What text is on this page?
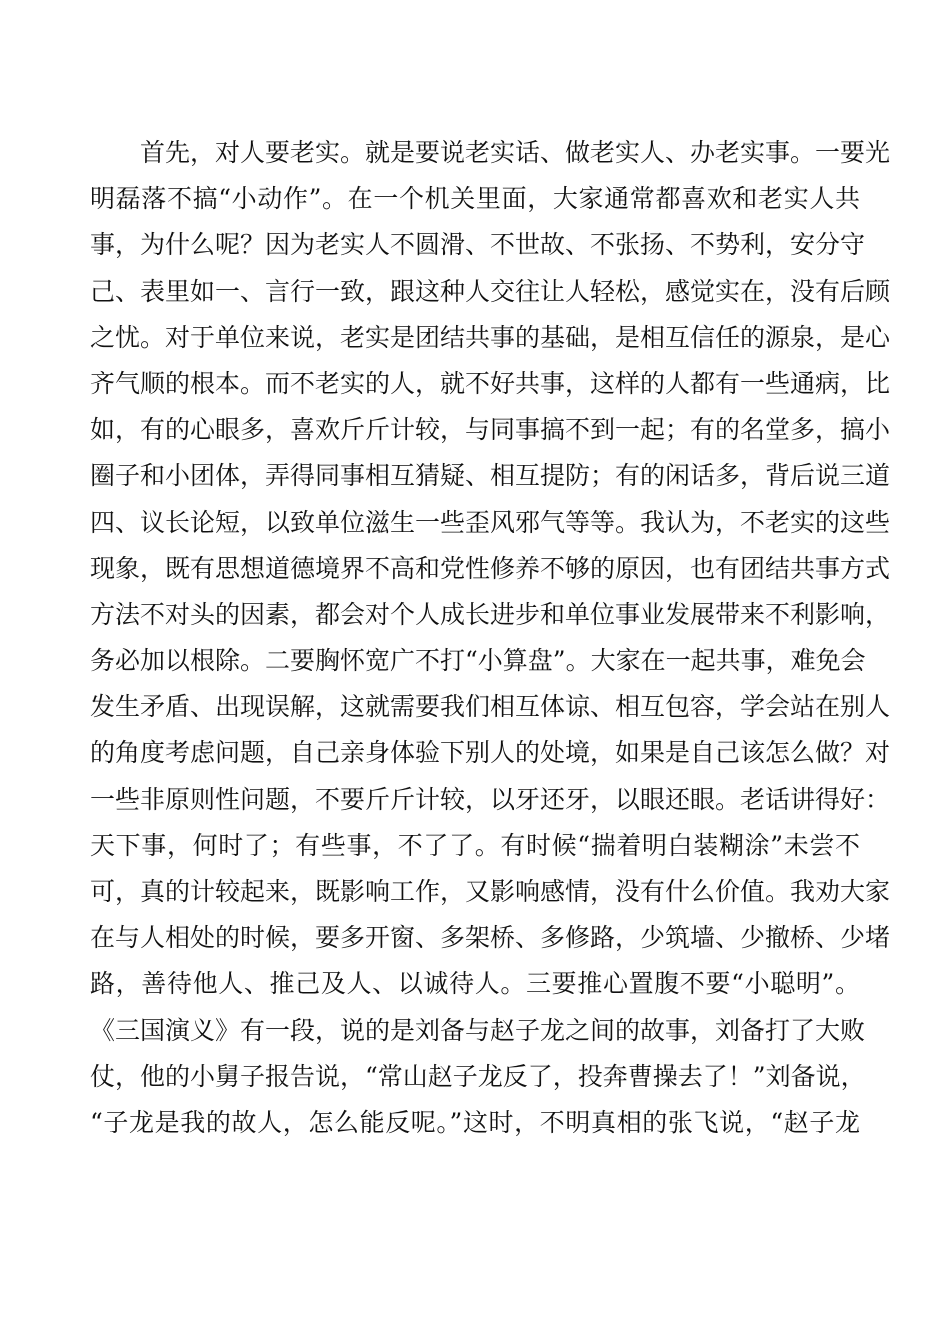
首先，对人要老实。就是要说老实话、做老实人、办老实事。一要光
明磊落不搞“小动作”。在一个机关里面，大家通常都喜欢和老实人共
事，为什么呢？因为老实人不圆滑、不世故、不张扬、不势利，安分守
己、表里如一、言行一致，跟这种人交往让人轻松，感觉实在，没有后顾
之忧。对于单位来说，老实是团结共事的基础，是相互信任的源泉，是心
齐气顺的根本。而不老实的人，就不好共事，这样的人都有一些通病，比
如，有的心眼多，喜欢斤斤计较，与同事搞不到一起；有的名堂多，搞小
圈子和小团体，弄得同事相互猜疑、相互提防；有的闲话多，背后说三道
四、议长论短，以致单位滋生一些歪风邪气等等。我认为，不老实的这些
现象，既有思想道德境界不高和党性修养不够的原因，也有团结共事方式
方法不对头的因素，都会对个人成长进步和单位事业发展带来不利影响，
务必加以根除。二要胸怀宽广不打“小算盘”。大家在一起共事，难免会
发生矛盾、出现误解，这就需要我们相互体谅、相互包容，学会站在别人
的角度考虑问题，自己亲身体验下别人的处境，如果是自己该怎么做？对
一些非原则性问题，不要斤斤计较，以牙还牙，以眼还眼。老话讲得好：
天下事，何时了；有些事，不了了。有时候“揣着明白装糊涂”未尝不
可，真的计较起来，既影响工作，又影响感情，没有什么价值。我劝大家
在与人相处的时候，要多开窗、多架桥、多修路，少筑墙、少撤桥、少堵
路，善待他人、推己及人、以诚待人。三要推心置腹不要“小聪明”。
《三国演义》有一段，说的是刘备与赵子龙之间的故事，刘备打了大败
仗，他的小舅子报告说，“常山赵子龙反了，投奔曹操去了！”刘备说，
“子龙是我的故人，怎么能反呢。”这时，不明真相的张飞说，“赵子龙
